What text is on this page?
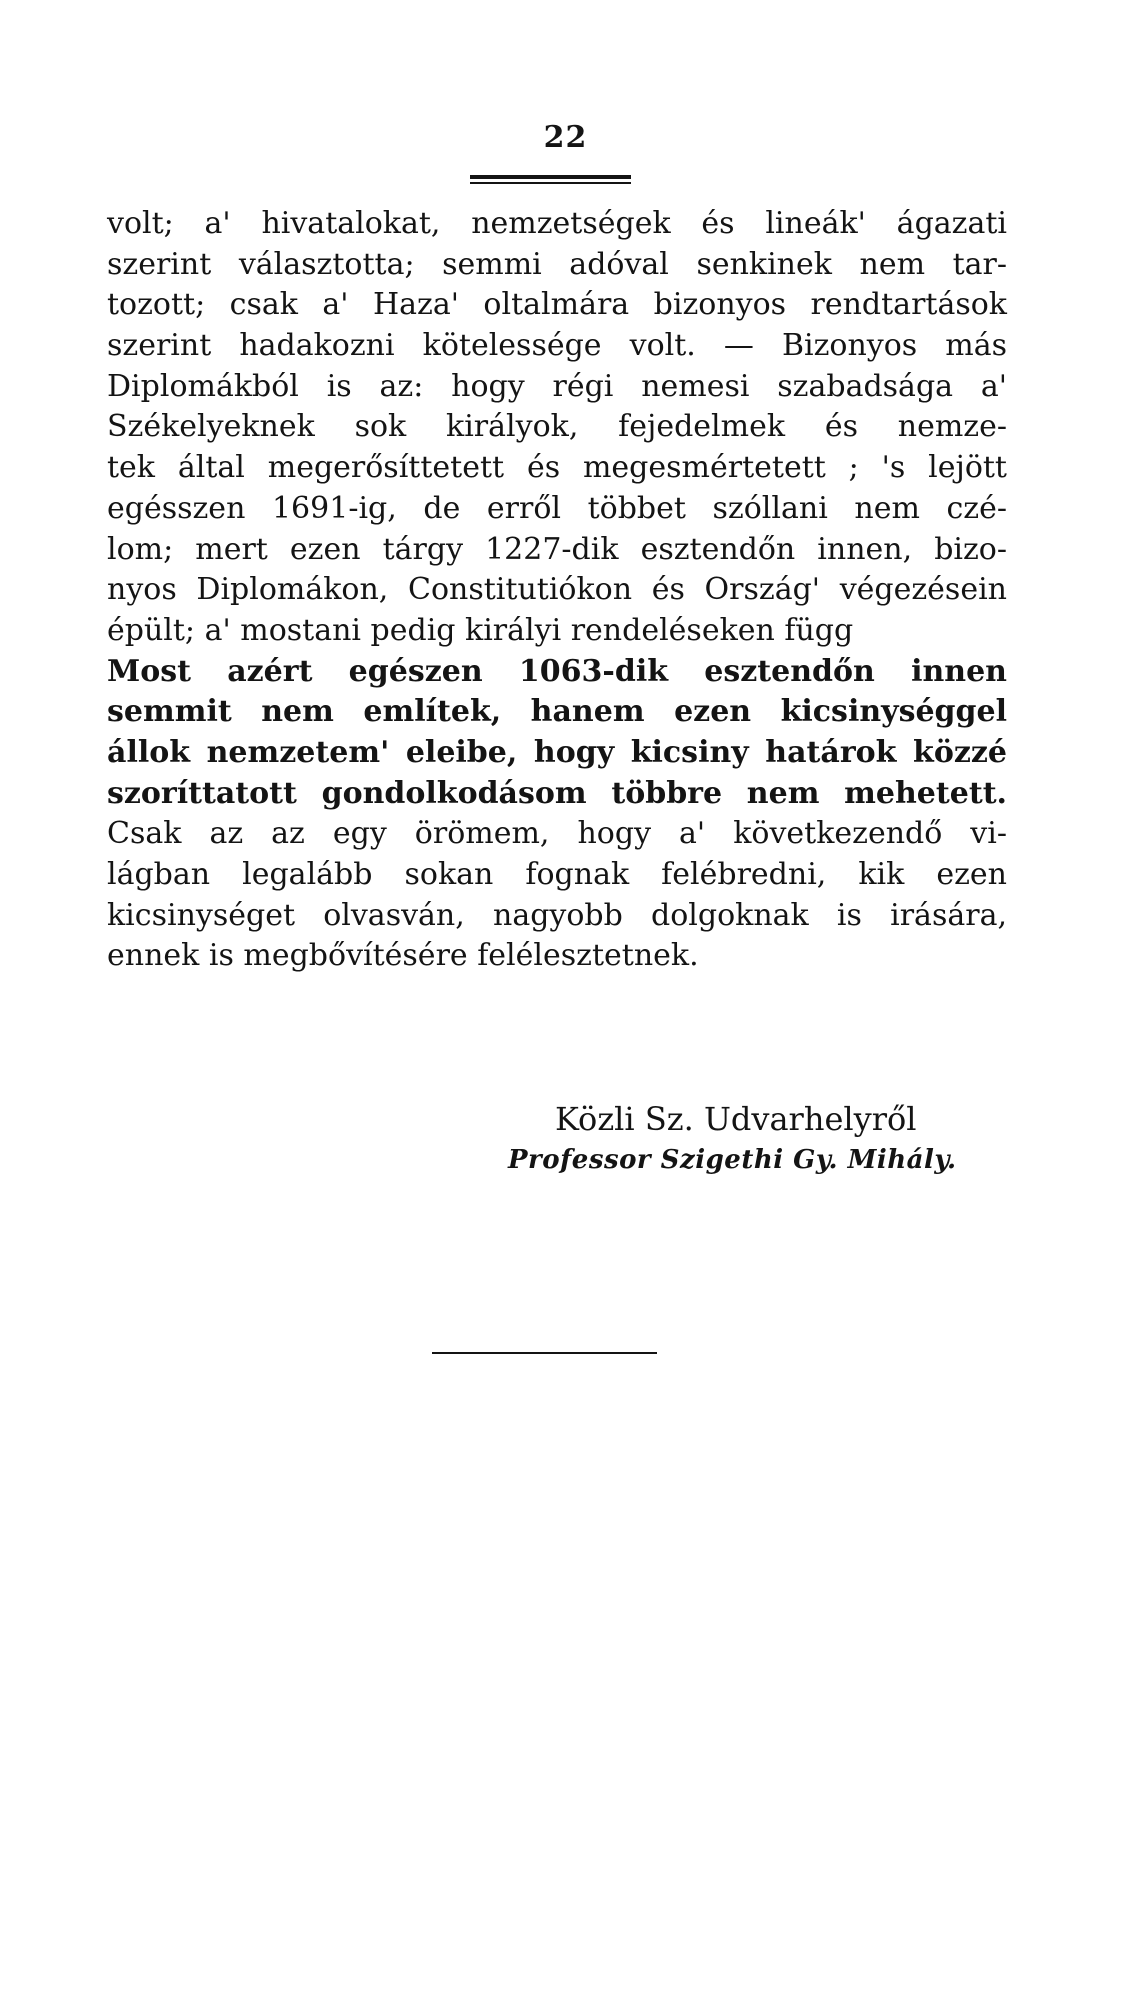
22
volt; a' hivatalokat, nemzetségek és lineák' ágazati
szerint választotta; semmi adóval senkinek nem tar-
tozott; csak a' Haza' oltalmára bizonyos rendtartások
szerint hadakozni kötelessége volt. — Bizonyos más
Diplomákból is az: hogy régi nemesi szabadsága a'
Székelyeknek sok királyok, fejedelmek és nemze-
tek által megerősíttetett és megesmértetett ; 's lejött
egésszen 1691-ig, de erről többet szóllani nem czé-
lom; mert ezen tárgy 1227-dik esztendőn innen, bizo-
nyos Diplomákon, Constitutiókon és Ország' végezésein
épült; a' mostani pedig királyi rendeléseken függ
Most azért egészen 1063-dik esztendőn innen
semmit nem említek, hanem ezen kicsinységgel
állok nemzetem' eleibe, hogy kicsiny határok közzé
szoríttatott gondolkodásom többre nem mehetett.
Csak az az egy örömem, hogy a' következendő vi-
lágban legalább sokan fognak felébredni, kik ezen
kicsinységet olvasván, nagyobb dolgoknak is irására,
ennek is megbővítésére felélesztetnek.
Közli Sz. Udvarhelyről
Professor Szigethi Gy. Mihály.
